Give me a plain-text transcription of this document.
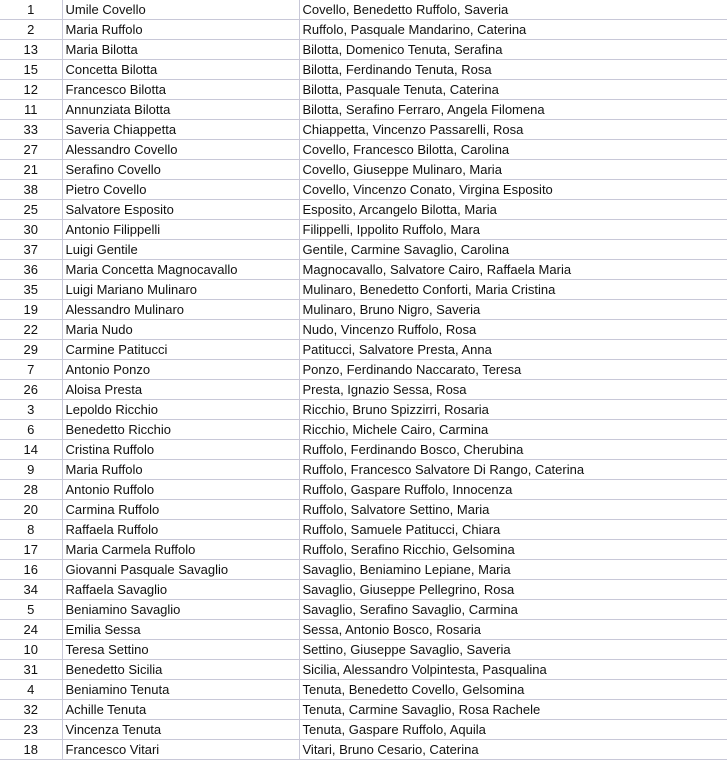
1	Umile Covello	Covello, Benedetto Ruffolo, Saveria
2	Maria Ruffolo	Ruffolo, Pasquale Mandarino, Caterina
13	Maria Bilotta	Bilotta, Domenico Tenuta, Serafina
15	Concetta Bilotta	Bilotta, Ferdinando Tenuta, Rosa
12	Francesco Bilotta	Bilotta, Pasquale Tenuta, Caterina
11	Annunziata Bilotta	Bilotta, Serafino Ferraro, Angela Filomena
33	Saveria Chiappetta	Chiappetta, Vincenzo Passarelli, Rosa
27	Alessandro Covello	Covello, Francesco Bilotta, Carolina
21	Serafino Covello	Covello, Giuseppe Mulinaro, Maria
38	Pietro Covello	Covello, Vincenzo Conato, Virgina Esposito
25	Salvatore Esposito	Esposito, Arcangelo Bilotta, Maria
30	Antonio Filippelli	Filippelli, Ippolito Ruffolo, Mara
37	Luigi Gentile	Gentile, Carmine Savaglio, Carolina
36	Maria Concetta Magnocavallo	Magnocavallo, Salvatore Cairo, Raffaela Maria
35	Luigi Mariano Mulinaro	Mulinaro, Benedetto Conforti, Maria Cristina
19	Alessandro Mulinaro	Mulinaro, Bruno Nigro, Saveria
22	Maria Nudo	Nudo, Vincenzo Ruffolo, Rosa
29	Carmine Patitucci	Patitucci, Salvatore Presta, Anna
7	Antonio Ponzo	Ponzo, Ferdinando Naccarato, Teresa
26	Aloisa Presta	Presta, Ignazio Sessa, Rosa
3	Lepoldo Ricchio	Ricchio, Bruno Spizzirri, Rosaria
6	Benedetto Ricchio	Ricchio, Michele Cairo, Carmina
14	Cristina Ruffolo	Ruffolo, Ferdinando Bosco, Cherubina
9	Maria Ruffolo	Ruffolo, Francesco Salvatore Di Rango, Caterina
28	Antonio Ruffolo	Ruffolo, Gaspare Ruffolo, Innocenza
20	Carmina Ruffolo	Ruffolo, Salvatore Settino, Maria
8	Raffaela Ruffolo	Ruffolo, Samuele Patitucci, Chiara
17	Maria Carmela Ruffolo	Ruffolo, Serafino Ricchio, Gelsomina
16	Giovanni Pasquale Savaglio	Savaglio, Beniamino Lepiane, Maria
34	Raffaela Savaglio	Savaglio, Giuseppe Pellegrino, Rosa
5	Beniamino Savaglio	Savaglio, Serafino Savaglio, Carmina
24	Emilia Sessa	Sessa, Antonio Bosco, Rosaria
10	Teresa Settino	Settino, Giuseppe Savaglio, Saveria
31	Benedetto Sicilia	Sicilia, Alessandro Volpintesta, Pasqualina
4	Beniamino Tenuta	Tenuta, Benedetto Covello, Gelsomina
32	Achille Tenuta	Tenuta, Carmine Savaglio, Rosa Rachele
23	Vincenza Tenuta	Tenuta, Gaspare Ruffolo, Aquila
18	Francesco Vitari	Vitari, Bruno Cesario, Caterina
